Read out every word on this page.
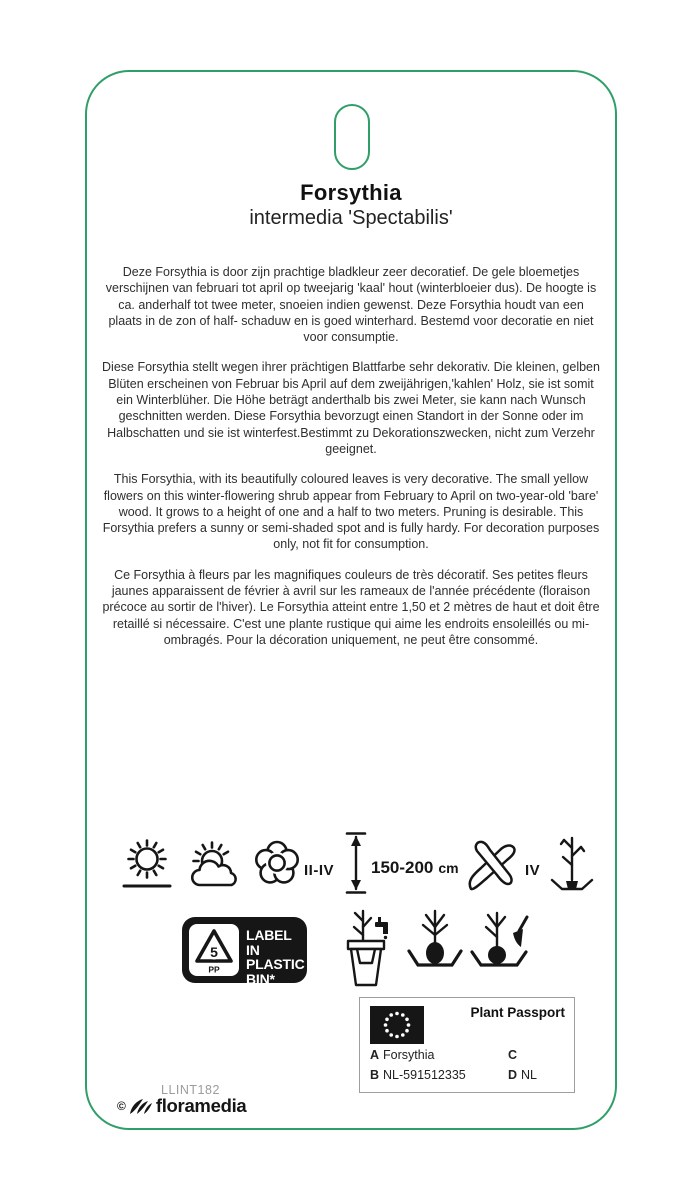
Forsythia
intermedia 'Spectabilis'

Deze Forsythia is door zijn prachtige bladkleur zeer decoratief. De gele bloemetjes verschijnen van februari tot april op tweejarig 'kaal' hout (winterbloeier dus). De hoogte is ca. anderhalf tot twee meter, snoeien indien gewenst. Deze Forsythia houdt van een plaats in de zon of half- schaduw en is goed winterhard. Bestemd voor decoratie en niet voor consumptie.

Diese Forsythia stellt wegen ihrer prächtigen Blattfarbe sehr dekorativ. Die kleinen, gelben Blüten erscheinen von Februar bis April auf dem zweijährigen,'kahlen' Holz, sie ist somit ein Winterblüher. Die Höhe beträgt anderthalb bis zwei Meter, sie kann nach Wunsch geschnitten werden. Diese Forsythia bevorzugt einen Standort in der Sonne oder im Halbschatten und sie ist winterfest.Bestimmt zu Dekorationszwecken, nicht zum Verzehr geeignet.

This Forsythia, with its beautifully coloured leaves is very decorative. The small yellow flowers on this winter-flowering shrub appear from February to April on two-year-old 'bare' wood. It grows to a height of one and a half to two meters. Pruning is desirable. This Forsythia prefers a sunny or semi-shaded spot and is fully hardy. For decoration purposes only, not fit for consumption.

Ce Forsythia à fleurs par les magnifiques couleurs de très décoratif. Ses petites fleurs jaunes apparaissent de février à avril sur les rameaux de l'année précédente (floraison précoce au sortir de l'hiver). Le Forsythia atteint entre 1,50 et 2 mètres de haut et doit être retaillé si nécessaire. C'est une plante rustique qui aime les endroits ensoleillés ou mi-ombragés. Pour la décoration uniquement, ne peut être consommé.

II-IV 150-200 cm	IV
5
PP
LABEL IN
PLASTIC
BIN*
Plant Passport
A Forsythia	C
B NL-591512335	D NL
LLINT182
© floramedia
